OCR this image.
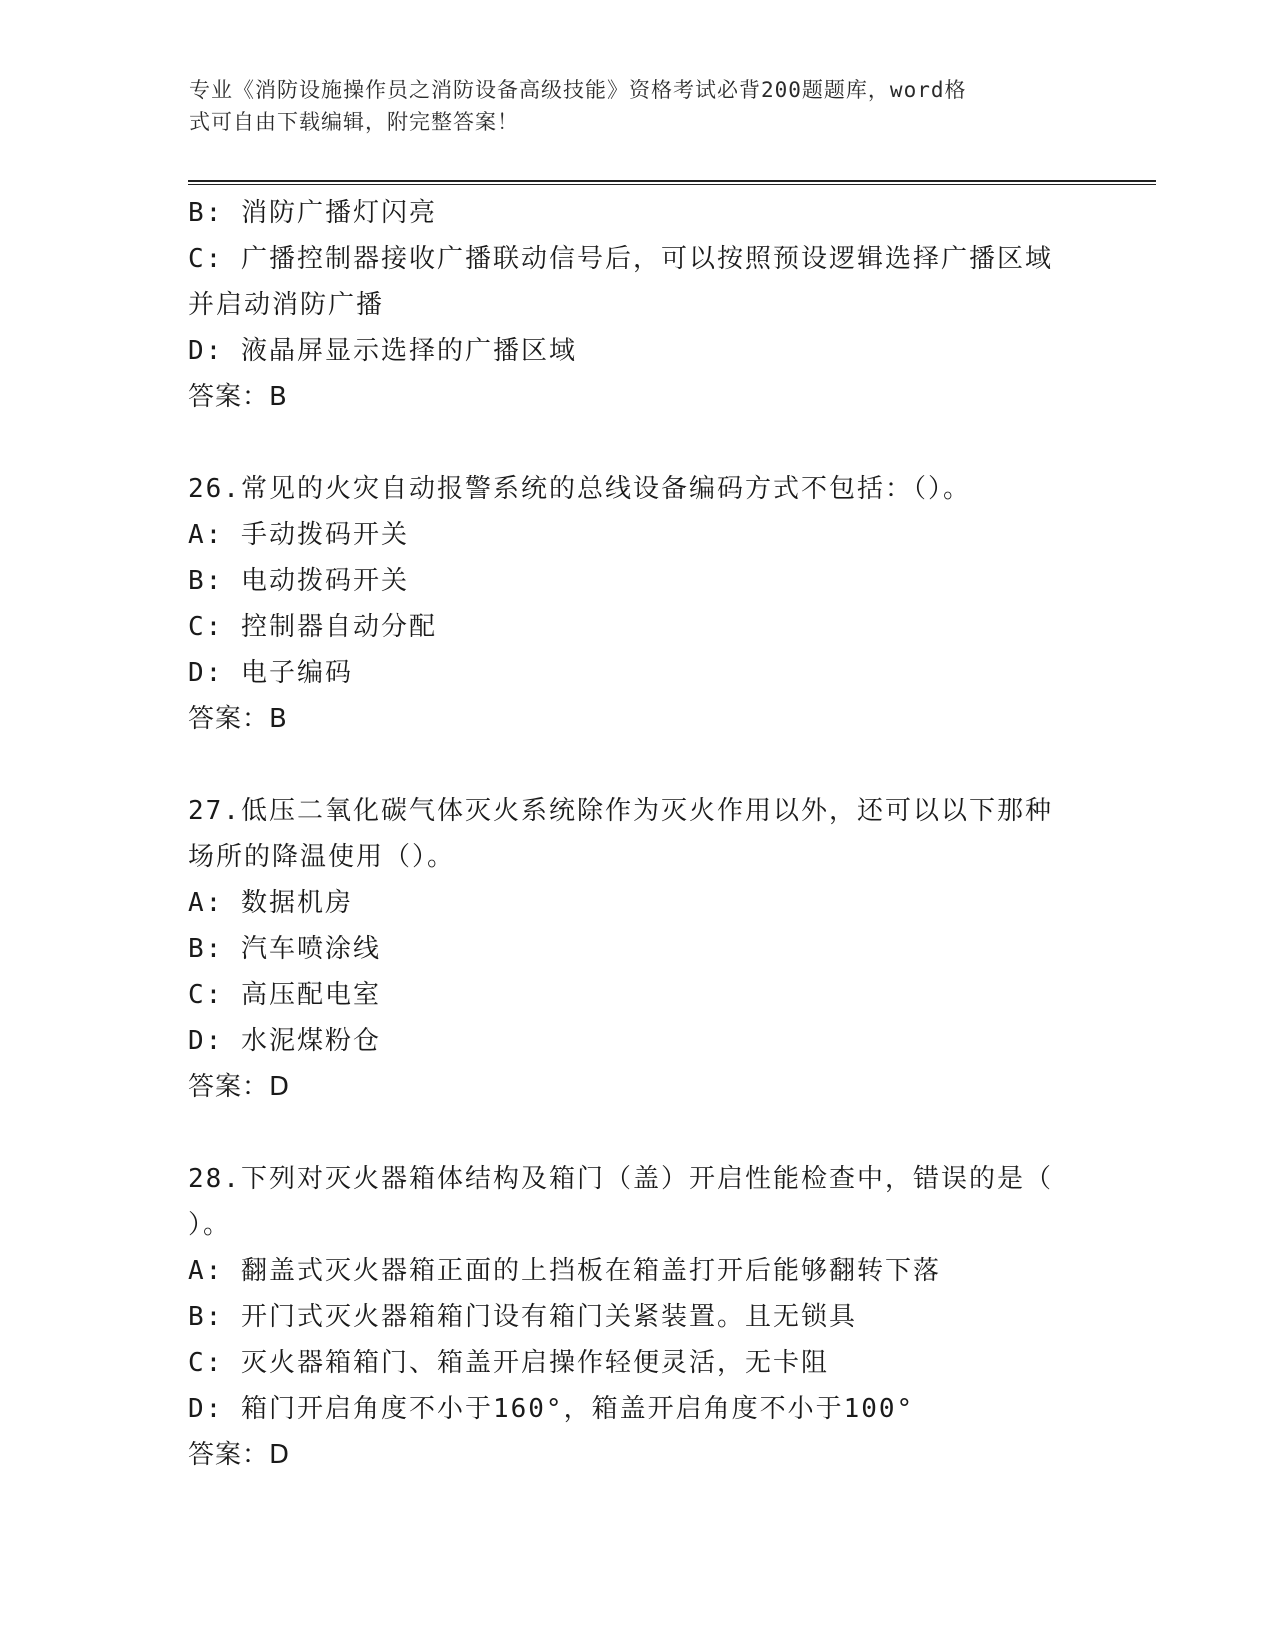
专业《消防设施操作员之消防设备高级技能》资格考试必背200题题库，word格
式可自由下载编辑，附完整答案！
B: 消防广播灯闪亮
C: 广播控制器接收广播联动信号后，可以按照预设逻辑选择广播区域
并启动消防广播
D: 液晶屏显示选择的广播区域
答案：B
26.常见的火灾自动报警系统的总线设备编码方式不包括：（）。
A: 手动拨码开关
B: 电动拨码开关
C: 控制器自动分配
D: 电子编码
答案：B
27.低压二氧化碳气体灭火系统除作为灭火作用以外，还可以以下那种
场所的降温使用（）。
A: 数据机房
B: 汽车喷涂线
C: 高压配电室
D: 水泥煤粉仓
答案：D
28.下列对灭火器箱体结构及箱门（盖）开启性能检查中，错误的是（
）。
A: 翻盖式灭火器箱正面的上挡板在箱盖打开后能够翻转下落
B: 开门式灭火器箱箱门设有箱门关紧装置。且无锁具
C: 灭火器箱箱门、箱盖开启操作轻便灵活，无卡阻
D: 箱门开启角度不小于160°，箱盖开启角度不小于100°
答案：D
